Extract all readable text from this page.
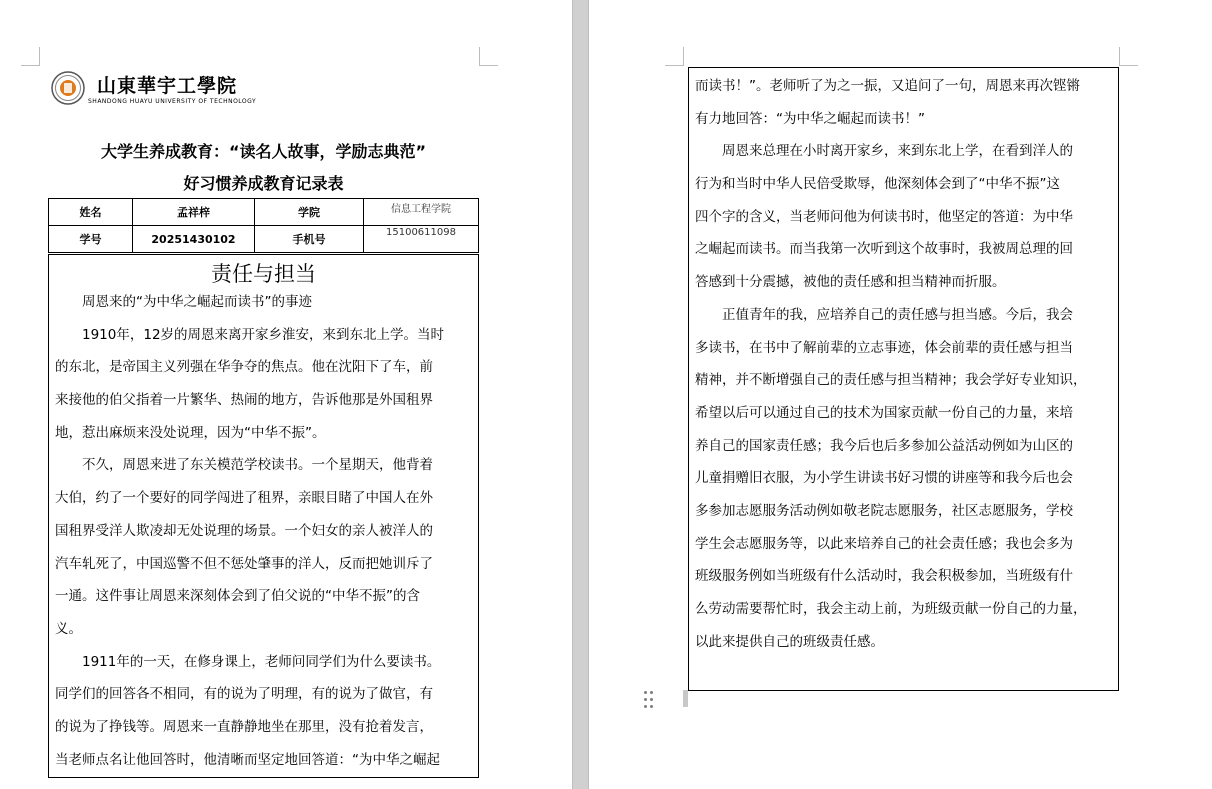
山東華宇工學院
SHANDONG HUAYU UNIVERSITY OF TECHNOLOGY
大学生养成教育：“读名人故事，学励志典范”
好习惯养成教育记录表
姓名	孟祥梓	学院	信息工程学院
学号	20251430102	手机号	15100611098
责任与担当
　　周恩来的“为中华之崛起而读书”的事迹
　　1910年，12岁的周恩来离开家乡淮安，来到东北上学。当时
的东北，是帝国主义列强在华争夺的焦点。他在沈阳下了车，前
来接他的伯父指着一片繁华、热闹的地方，告诉他那是外国租界
地，惹出麻烦来没处说理，因为“中华不振”。
　　不久，周恩来进了东关模范学校读书。一个星期天，他背着
大伯，约了一个要好的同学闯进了租界，亲眼目睹了中国人在外
国租界受洋人欺凌却无处说理的场景。一个妇女的亲人被洋人的
汽车轧死了，中国巡警不但不惩处肇事的洋人，反而把她训斥了
一通。这件事让周恩来深刻体会到了伯父说的“中华不振”的含
义。
　　1911年的一天，在修身课上，老师问同学们为什么要读书。
同学们的回答各不相同，有的说为了明理，有的说为了做官，有
的说为了挣钱等。周恩来一直静静地坐在那里，没有抢着发言，
当老师点名让他回答时，他清晰而坚定地回答道：“为中华之崛起
而读书！”。老师听了为之一振，又追问了一句，周恩来再次铿锵
有力地回答：“为中华之崛起而读书！”
　　周恩来总理在小时离开家乡，来到东北上学，在看到洋人的
行为和当时中华人民倍受欺辱，他深刻体会到了“中华不振”这
四个字的含义，当老师问他为何读书时，他坚定的答道：为中华
之崛起而读书。而当我第一次听到这个故事时，我被周总理的回
答感到十分震撼，被他的责任感和担当精神而折服。
　　正值青年的我，应培养自己的责任感与担当感。今后，我会
多读书，在书中了解前辈的立志事迹，体会前辈的责任感与担当
精神，并不断增强自己的责任感与担当精神；我会学好专业知识，
希望以后可以通过自己的技术为国家贡献一份自己的力量，来培
养自己的国家责任感；我今后也后多参加公益活动例如为山区的
儿童捐赠旧衣服，为小学生讲读书好习惯的讲座等和我今后也会
多参加志愿服务活动例如敬老院志愿服务，社区志愿服务，学校
学生会志愿服务等，以此来培养自己的社会责任感；我也会多为
班级服务例如当班级有什么活动时，我会积极参加，当班级有什
么劳动需要帮忙时，我会主动上前，为班级贡献一份自己的力量，
以此来提供自己的班级责任感。
